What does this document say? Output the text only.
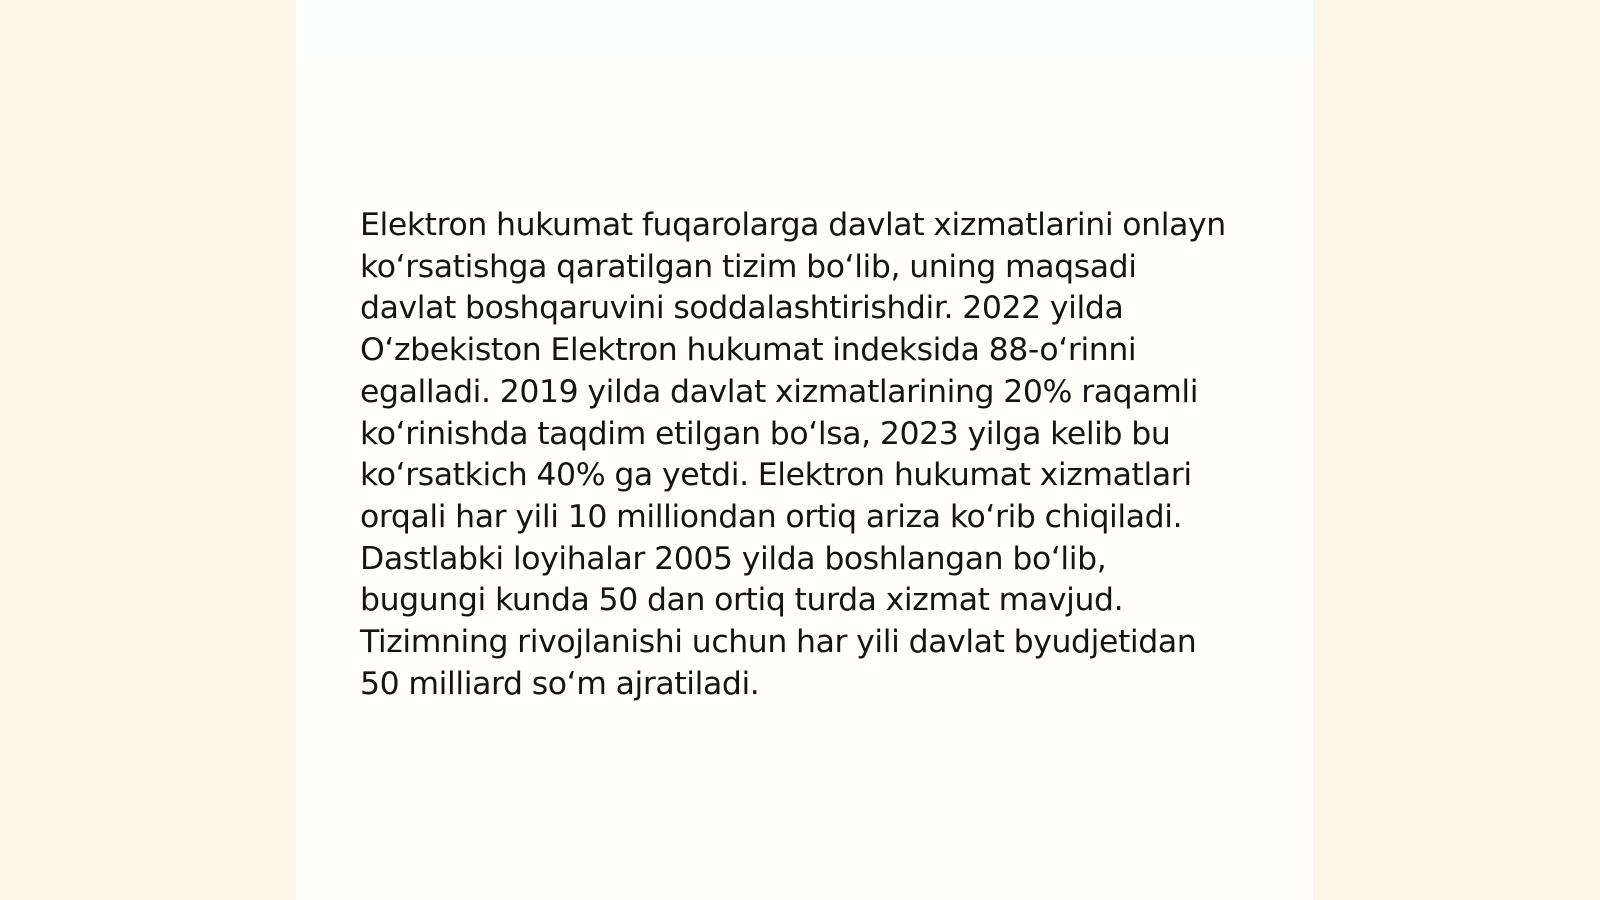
Elektron hukumat fuqarolarga davlat xizmatlarini onlayn koʻrsatishga qaratilgan tizim boʻlib, uning maqsadi davlat boshqaruvini soddalashtirishdir. 2022 yilda Oʻzbekiston Elektron hukumat indeksida 88-oʻrinni egalladi. 2019 yilda davlat xizmatlarining 20% raqamli koʻrinishda taqdim etilgan boʻlsa, 2023 yilga kelib bu koʻrsatkich 40% ga yetdi. Elektron hukumat xizmatlari orqali har yili 10 milliondan ortiq ariza koʻrib chiqiladi. Dastlabki loyihalar 2005 yilda boshlangan boʻlib, bugungi kunda 50 dan ortiq turda xizmat mavjud. Tizimning rivojlanishi uchun har yili davlat byudjetidan 50 milliard soʻm ajratiladi.
